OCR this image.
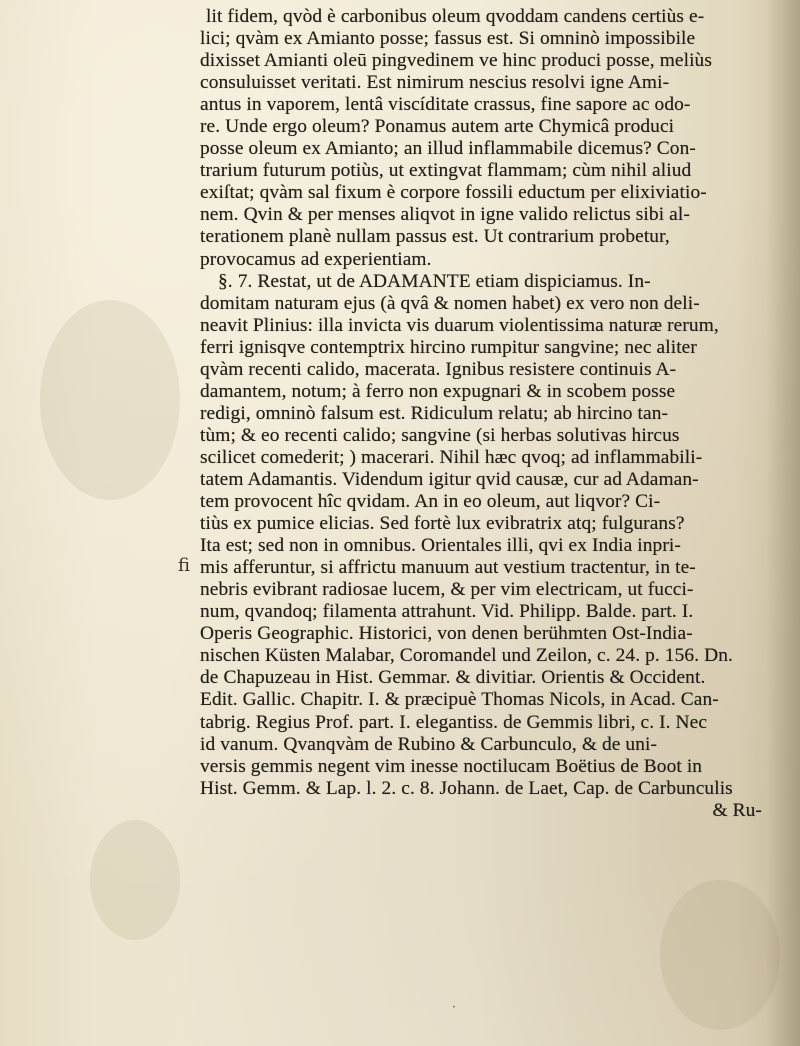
ﬁ
·
lit fidem, qvòd è carbonibus oleum qvoddam candens certiùs e-
lici; qvàm ex Amianto posse; fassus est. Si omninò impossibile
dixisset Amianti oleū pingvedinem ve hinc produci posse, meliùs
consuluisset veritati. Est nimirum nescius resolvi igne Ami-
antus in vaporem, lentâ viscíditate crassus, fine sapore ac odo-
re. Unde ergo oleum? Ponamus autem arte Chymicâ produci
posse oleum ex Amianto; an illud inflammabile dicemus? Con-
trarium futurum potiùs, ut extingvat flammam; cùm nihil aliud
exiſtat; qvàm sal fixum è corpore fossili eductum per elixiviatio-
nem. Qvin & per menses aliqvot in igne valido relictus sibi al-
terationem planè nullam passus est. Ut contrarium probetur,
provocamus ad experientiam.
§. 7. Restat, ut de ADAMANTE etiam dispiciamus. In-
domitam naturam ejus (à qvâ & nomen habet) ex vero non deli-
neavit Plinius: illa invicta vis duarum violentissima naturæ rerum,
ferri ignisqve contemptrix hircino rumpitur sangvine; nec aliter
qvàm recenti calido, macerata. Ignibus resistere continuis A-
damantem, notum; à ferro non expugnari & in scobem posse
redigi, omninò falsum est. Ridiculum relatu; ab hircino tan-
tùm; & eo recenti calido; sangvine (si herbas solutivas hircus
scilicet comederit; ) macerari. Nihil hæc qvoq; ad inflammabili-
tatem Adamantis. Videndum igitur qvid causæ, cur ad Adaman-
tem provocent hîc qvidam. An in eo oleum, aut liqvor? Ci-
tiùs ex pumice elicias. Sed fortè lux evibratrix atq; fulgurans?
Ita est; sed non in omnibus. Orientales illi, qvi ex India inpri-
mis afferuntur, si affrictu manuum aut vestium tractentur, in te-
nebris evibrant radiosae lucem, & per vim electricam, ut fucci-
num, qvandoq; filamenta attrahunt. Vid. Philipp. Balde. part. I.
Operis Geographic. Historici, von denen berühmten Ost-India-
nischen Küsten Malabar, Coromandel und Zeilon, c. 24. p. 156. Dn.
de Chapuzeau in Hist. Gemmar. & divitiar. Orientis & Occident.
Edit. Gallic. Chapitr. I. & præcipuè Thomas Nicols, in Acad. Can-
tabrig. Regius Prof. part. I. elegantiss. de Gemmis libri, c. I. Nec
id vanum. Qvanqvàm de Rubino & Carbunculo, & de uni-
versis gemmis negent vim inesse noctilucam Boëtius de Boot in
Hist. Gemm. & Lap. l. 2. c. 8. Johann. de Laet, Cap. de Carbunculis
& Ru-
